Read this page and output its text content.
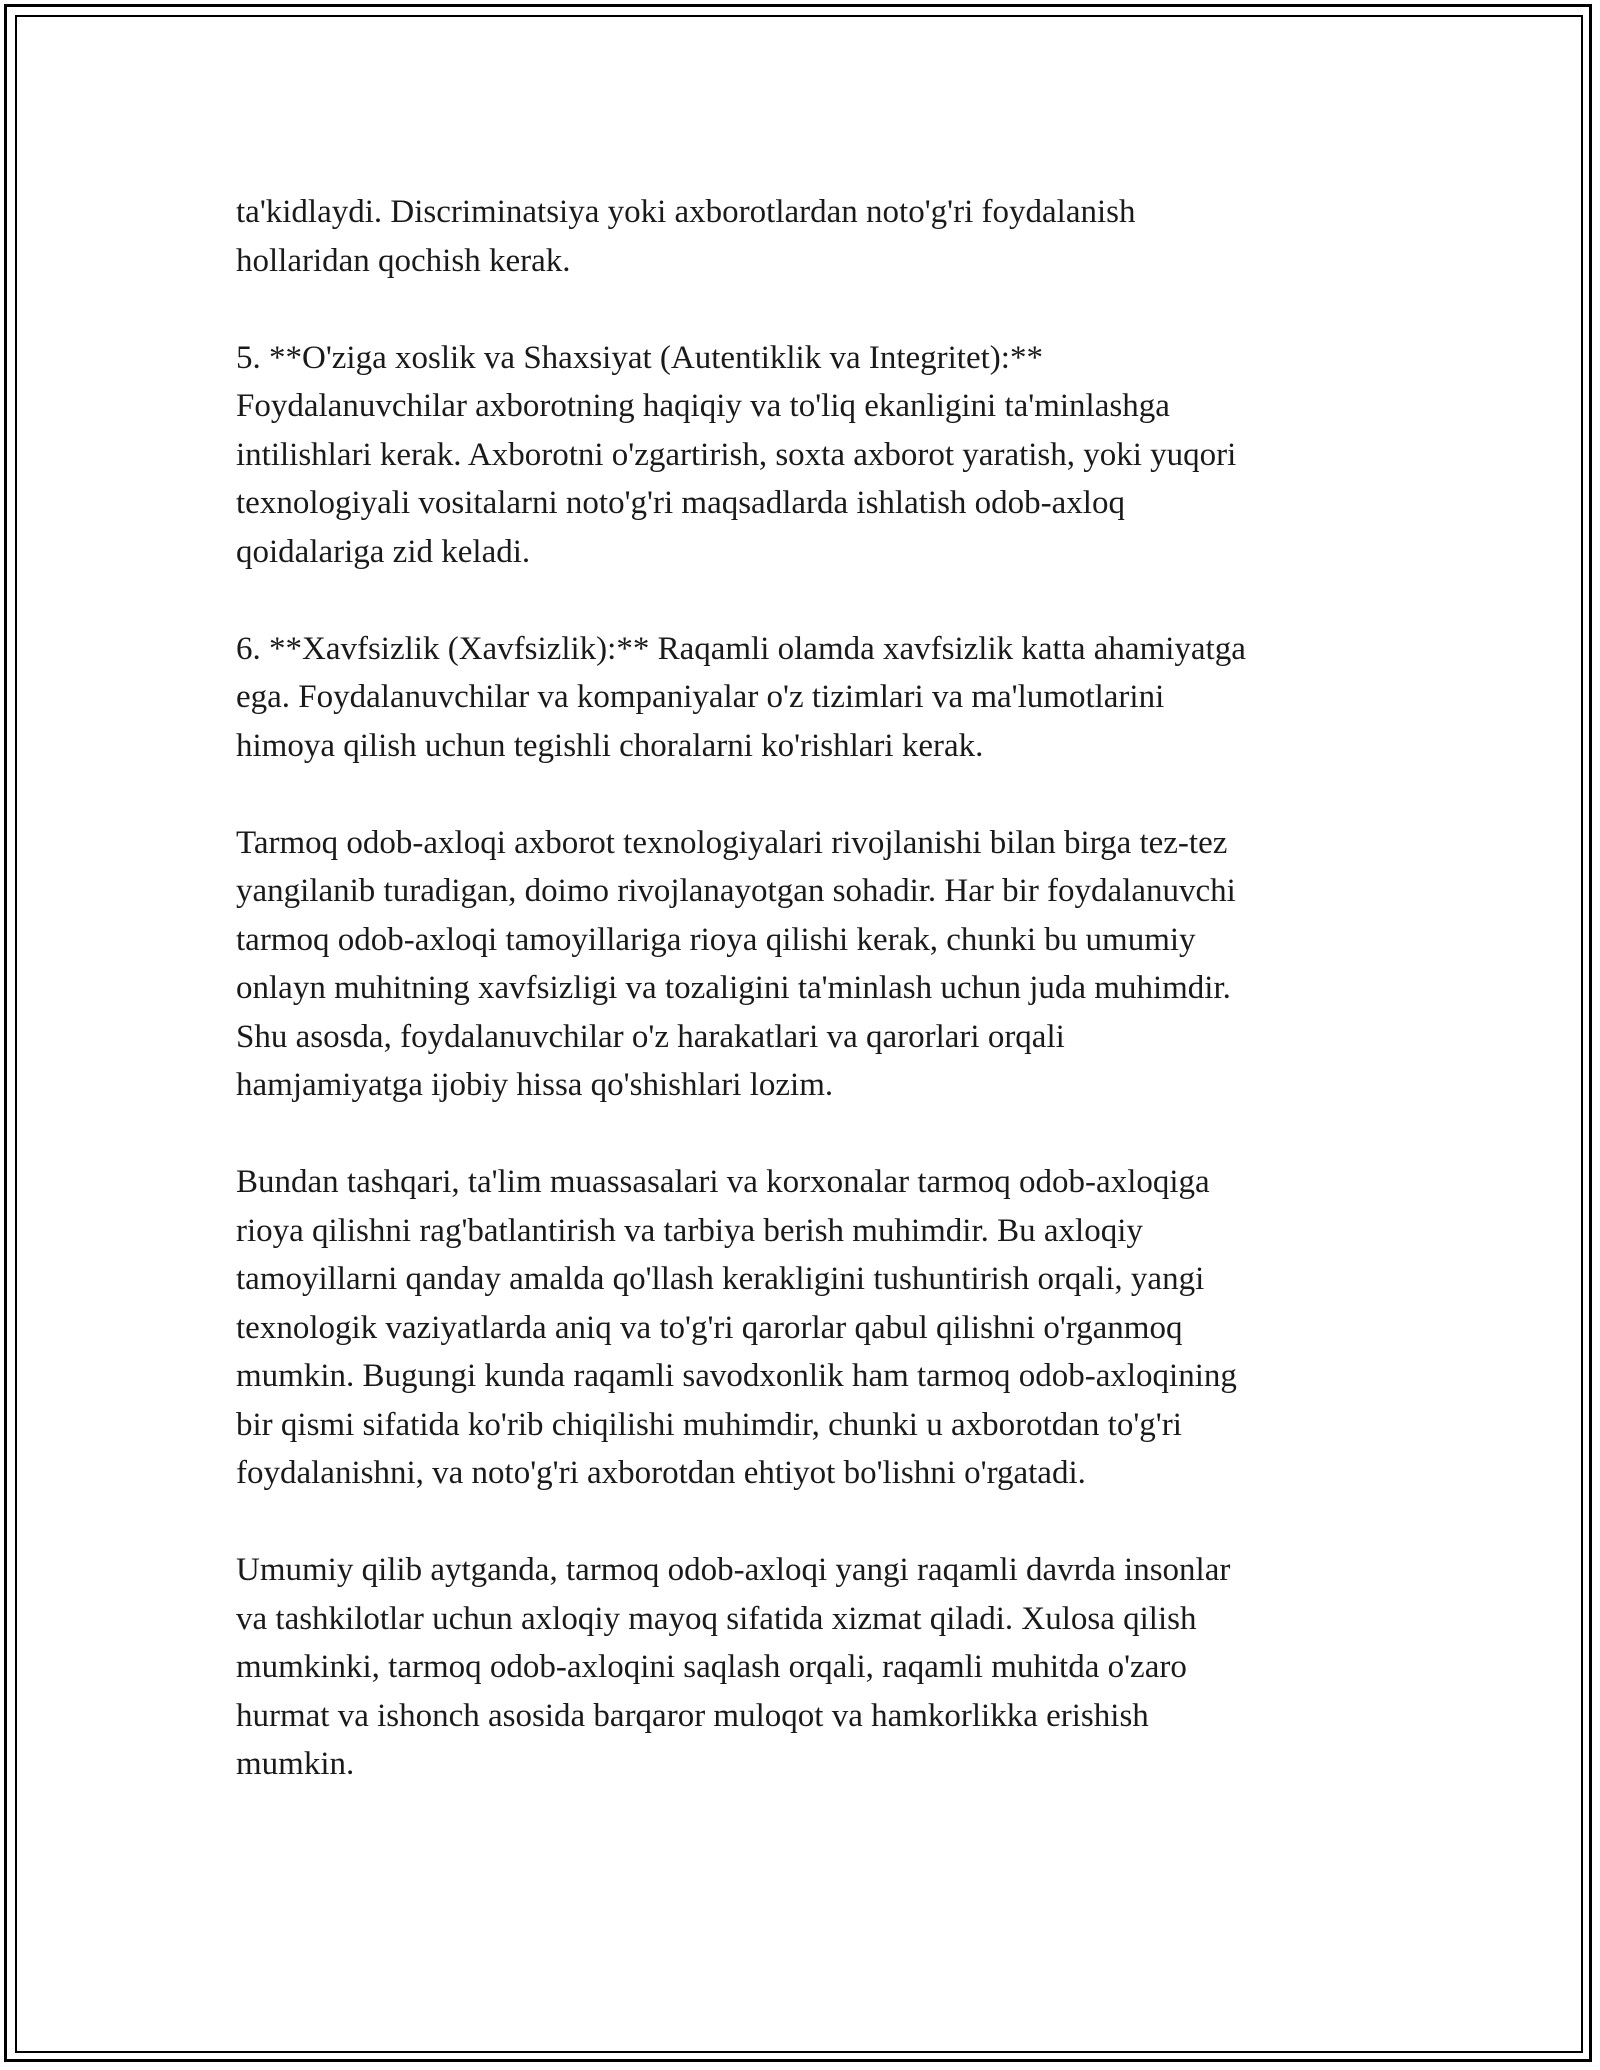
ta'kidlaydi. Discriminatsiya yoki axborotlardan noto'g'ri foydalanish
hollaridan qochish kerak.

5. **O'ziga xoslik va Shaxsiyat (Autentiklik va Integritet):**
Foydalanuvchilar axborotning haqiqiy va to'liq ekanligini ta'minlashga
intilishlari kerak. Axborotni o'zgartirish, soxta axborot yaratish, yoki yuqori
texnologiyali vositalarni noto'g'ri maqsadlarda ishlatish odob-axloq
qoidalariga zid keladi.

6. **Xavfsizlik (Xavfsizlik):** Raqamli olamda xavfsizlik katta ahamiyatga
ega. Foydalanuvchilar va kompaniyalar o'z tizimlari va ma'lumotlarini
himoya qilish uchun tegishli choralarni ko'rishlari kerak.

Tarmoq odob-axloqi axborot texnologiyalari rivojlanishi bilan birga tez-tez
yangilanib turadigan, doimo rivojlanayotgan sohadir. Har bir foydalanuvchi
tarmoq odob-axloqi tamoyillariga rioya qilishi kerak, chunki bu umumiy
onlayn muhitning xavfsizligi va tozaligini ta'minlash uchun juda muhimdir.
Shu asosda, foydalanuvchilar o'z harakatlari va qarorlari orqali
hamjamiyatga ijobiy hissa qo'shishlari lozim.

Bundan tashqari, ta'lim muassasalari va korxonalar tarmoq odob-axloqiga
rioya qilishni rag'batlantirish va tarbiya berish muhimdir. Bu axloqiy
tamoyillarni qanday amalda qo'llash kerakligini tushuntirish orqali, yangi
texnologik vaziyatlarda aniq va to'g'ri qarorlar qabul qilishni o'rganmoq
mumkin. Bugungi kunda raqamli savodxonlik ham tarmoq odob-axloqining
bir qismi sifatida ko'rib chiqilishi muhimdir, chunki u axborotdan to'g'ri
foydalanishni, va noto'g'ri axborotdan ehtiyot bo'lishni o'rgatadi.

Umumiy qilib aytganda, tarmoq odob-axloqi yangi raqamli davrda insonlar
va tashkilotlar uchun axloqiy mayoq sifatida xizmat qiladi. Xulosa qilish
mumkinki, tarmoq odob-axloqini saqlash orqali, raqamli muhitda o'zaro
hurmat va ishonch asosida barqaror muloqot va hamkorlikka erishish
mumkin.
